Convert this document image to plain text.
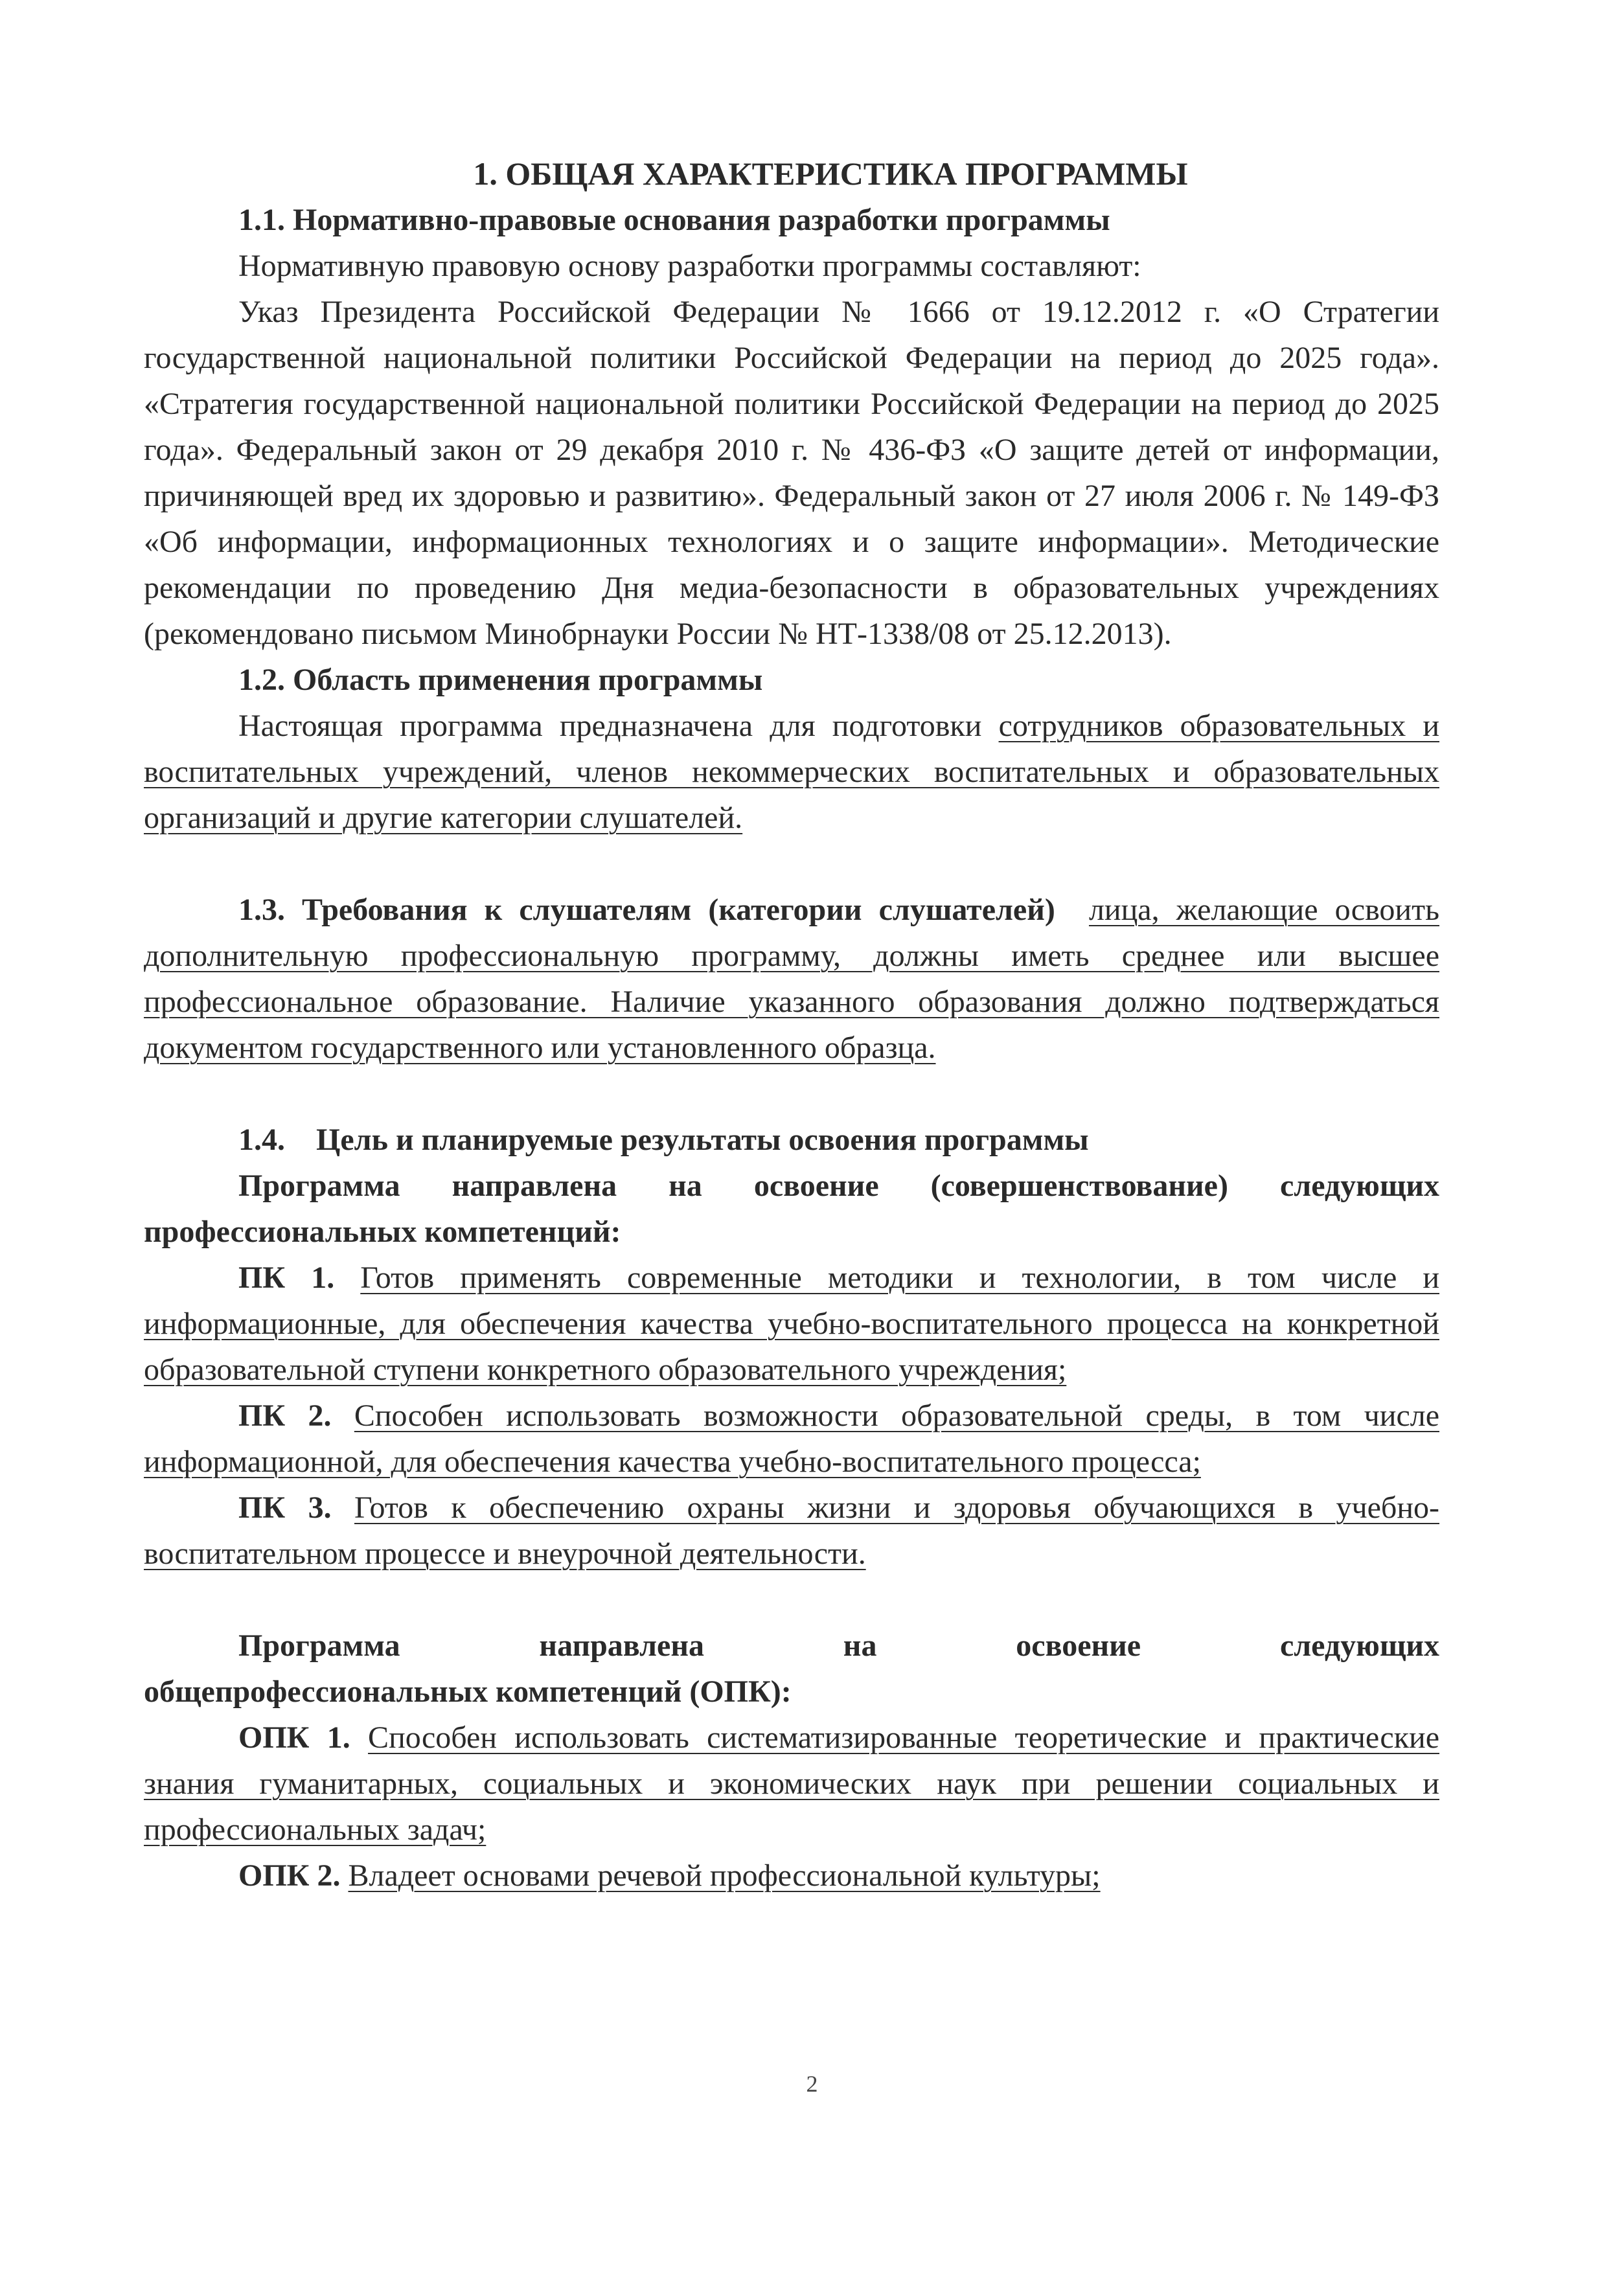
1. ОБЩАЯ ХАРАКТЕРИСТИКА ПРОГРАММЫ

1.1. Нормативно-правовые основания разработки программы

Нормативную правовую основу разработки программы составляют:

Указ Президента Российской Федерации № 1666 от 19.12.2012 г. «О Стратегии государственной национальной политики Российской Федерации на период до 2025 года». «Стратегия государственной национальной политики Российской Федерации на период до 2025 года». Федеральный закон от 29 декабря 2010 г. № 436-ФЗ «О защите детей от информации, причиняющей вред их здоровью и развитию». Федеральный закон от 27 июля 2006 г. № 149-ФЗ «Об информации, информационных технологиях и о защите информации». Методические рекомендации по проведению Дня медиа-безопасности в образовательных учреждениях (рекомендовано письмом Минобрнауки России № НТ-1338/08 от 25.12.2013).

1.2. Область применения программы

Настоящая программа предназначена для подготовки сотрудников образовательных и воспитательных учреждений, членов некоммерческих воспитательных и образовательных организаций и другие категории слушателей.

1.3. Требования к слушателям (категории слушателей) лица, желающие освоить дополнительную профессиональную программу, должны иметь среднее или высшее профессиональное образование. Наличие указанного образования должно подтверждаться документом государственного или установленного образца.

1.4.    Цель и планируемые результаты освоения программы

Программа направлена на освоение (совершенствование) следующих профессиональных компетенций:

ПК 1. Готов применять современные методики и технологии, в том числе и информационные, для обеспечения качества учебно-воспитательного процесса на конкретной образовательной ступени конкретного образовательного учреждения;

ПК 2. Способен использовать возможности образовательной среды, в том числе информационной, для обеспечения качества учебно-воспитательного процесса;

ПК 3. Готов к обеспечению охраны жизни и здоровья обучающихся в учебно-воспитательном процессе и внеурочной деятельности.

Программа направлена на освоение следующих

общепрофессиональных компетенций (ОПК):

ОПК 1. Способен использовать систематизированные теоретические и практические знания гуманитарных, социальных и экономических наук при решении социальных и профессиональных задач;

ОПК 2. Владеет основами речевой профессиональной культуры;

2
